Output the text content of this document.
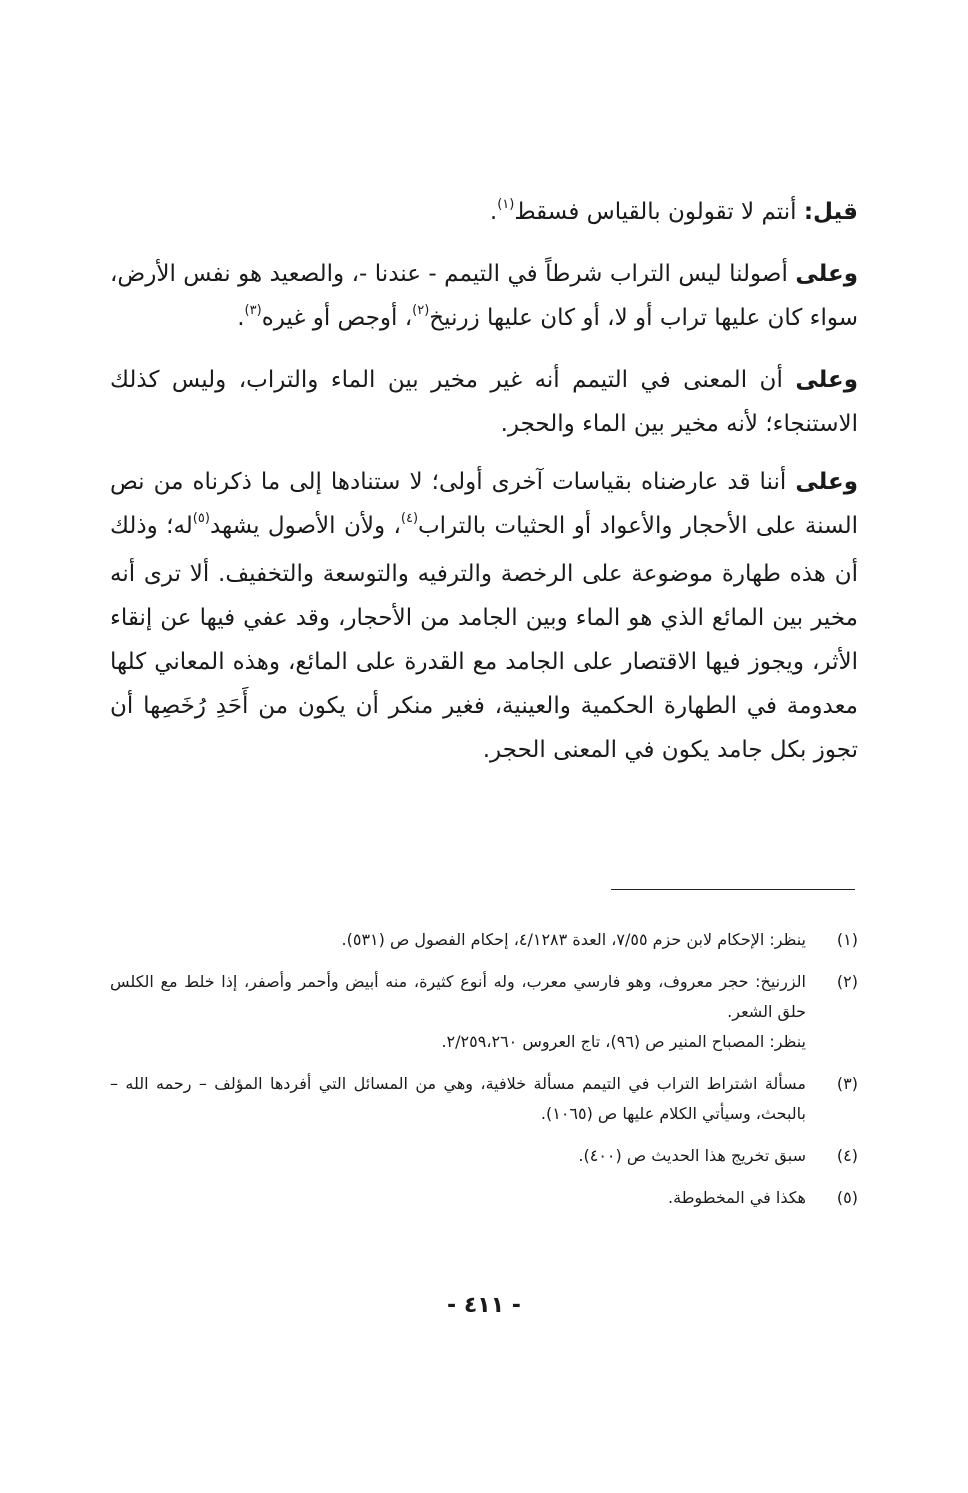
قيل: أنتم لا تقولون بالقياس فسقط$^{(١)}$.

وعلى أصولنا ليس التراب شرطاً في التيمم - عندنا -، والصعيد هو نفس الأرض، سواء كان عليها تراب أو لا، أو كان عليها زرنيخ$^{(٢)}$، أوجص أو غيره$^{(٣)}$.

وعلى أن المعنى في التيمم أنه غير مخير بين الماء والتراب، وليس كذلك الاستنجاء؛ لأنه مخير بين الماء والحجر.

وعلى أننا قد عارضناه بقياسات آخرى أولى؛ لا ستنادها إلى ما ذكرناه من نص السنة على الأحجار والأعواد أو الحثيات بالتراب$^{(٤)}$، ولأن الأصول يشهد$^{(٥)}$له؛ وذلك أن هذه طهارة موضوعة على الرخصة والترفيه والتوسعة والتخفيف. ألا ترى أنه مخير بين المائع الذي هو الماء وبين الجامد من الأحجار، وقد عفي فيها عن إنقاء الأثر، ويجوز فيها الاقتصار على الجامد مع القدرة على المائع، وهذه المعاني كلها معدومة في الطهارة الحكمية والعينية، فغير منكر أن يكون من أَحَدِ رُخَصِها أن تجوز بكل جامد يكون في المعنى الحجر.

(١)
ينظر: الإحكام لابن حزم ٧/٥٥، العدة ٤/١٢٨٣، إحكام الفصول ص (٥٣١).
(٢)
الزرنيخ: حجر معروف، وهو فارسي معرب، وله أنوع كثيرة، منه أبيض وأحمر وأصفر، إذا خلط مع الكلس حلق الشعر.
ينظر: المصباح المنير ص (٩٦)، تاج العروس ٢/٢٥٩،٢٦٠.
(٣)
مسألة اشتراط التراب في التيمم مسألة خلافية، وهي من المسائل التي أفردها المؤلف – رحمه الله – بالبحث، وسيأتي الكلام عليها ص (١٠٦٥).
(٤)
سبق تخريج هذا الحديث ص (٤٠٠).
(٥)
هكذا في المخطوطة.
- ٤١١ -
